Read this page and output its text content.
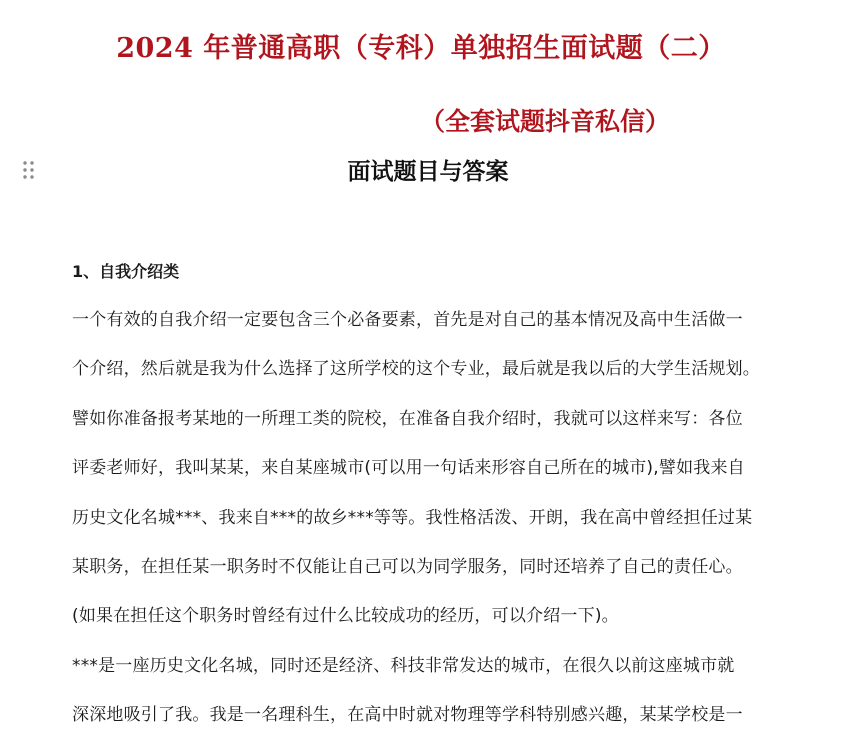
2024 年普通高职（专科）单独招生面试题（二）
（全套试题抖音私信）
面试题目与答案
1、自我介绍类
一个有效的自我介绍一定要包含三个必备要素，首先是对自己的基本情况及高中生活做一
个介绍，然后就是我为什么选择了这所学校的这个专业，最后就是我以后的大学生活规划。
譬如你准备报考某地的一所理工类的院校，在准备自我介绍时，我就可以这样来写：各位
评委老师好，我叫某某，来自某座城市(可以用一句话来形容自己所在的城市),譬如我来自
历史文化名城***、我来自***的故乡***等等。我性格活泼、开朗，我在高中曾经担任过某
某职务，在担任某一职务时不仅能让自己可以为同学服务，同时还培养了自己的责任心。
(如果在担任这个职务时曾经有过什么比较成功的经历，可以介绍一下)。
***是一座历史文化名城，同时还是经济、科技非常发达的城市，在很久以前这座城市就
深深地吸引了我。我是一名理科生，在高中时就对物理等学科特别感兴趣，某某学校是一
